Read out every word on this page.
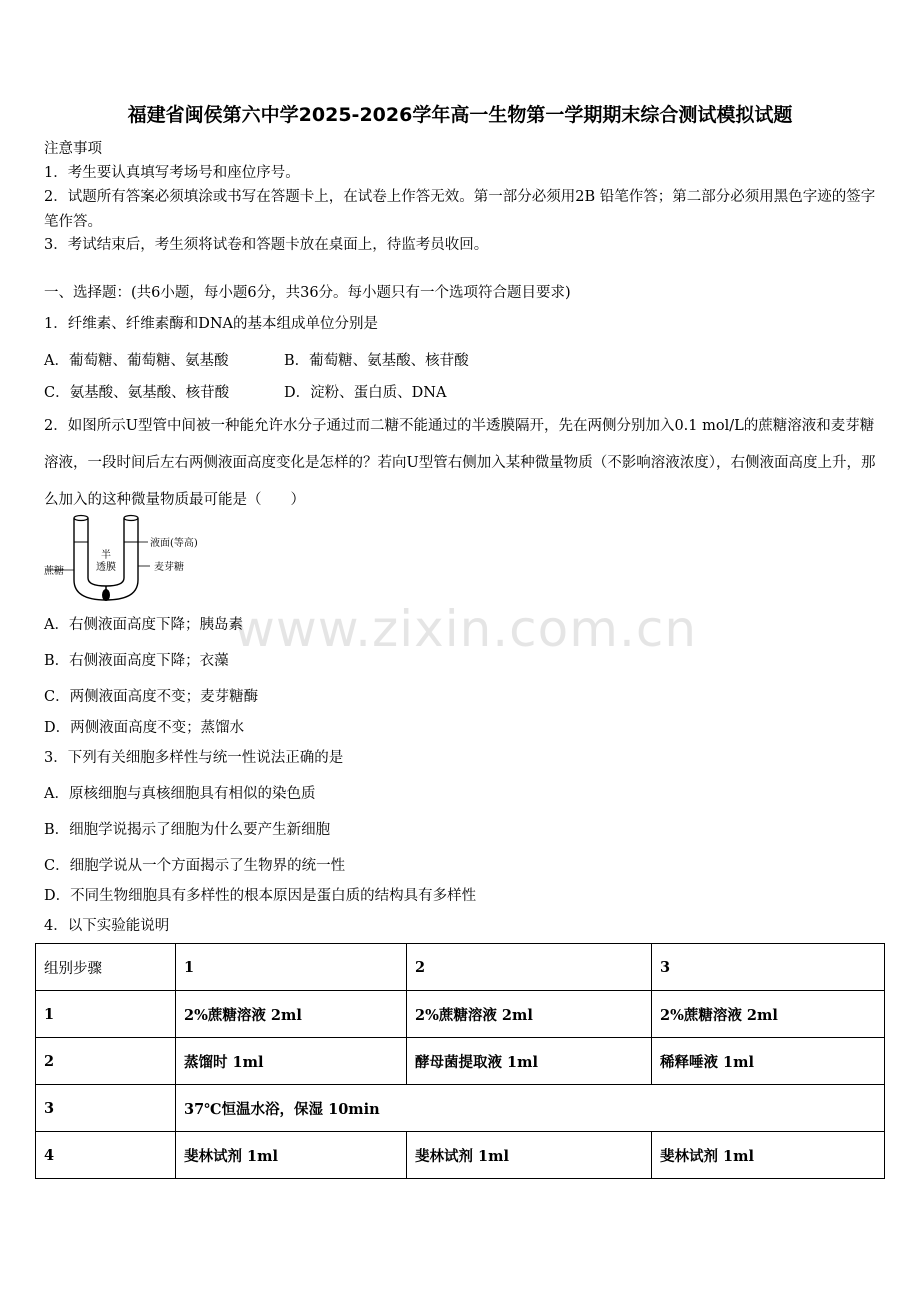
福建省闽侯第六中学2025-2026学年高一生物第一学期期末综合测试模拟试题
注意事项
1．考生要认真填写考场号和座位序号。
2．试题所有答案必须填涂或书写在答题卡上，在试卷上作答无效。第一部分必须用2B 铅笔作答；第二部分必须用黑色字迹的签字笔作答。
3．考试结束后，考生须将试卷和答题卡放在桌面上，待监考员收回。
一、选择题：(共6小题，每小题6分，共36分。每小题只有一个选项符合题目要求)
1．纤维素、纤维素酶和DNA的基本组成单位分别是
A．葡萄糖、葡萄糖、氨基酸	B．葡萄糖、氨基酸、核苷酸
C．氨基酸、氨基酸、核苷酸	D．淀粉、蛋白质、DNA
2．如图所示U型管中间被一种能允许水分子通过而二糖不能通过的半透膜隔开，先在两侧分别加入0.1 mol/L的蔗糖溶液和麦芽糖溶液，一段时间后左右两侧液面高度变化是怎样的？若向U型管右侧加入某种微量物质（不影响溶液浓度），右侧液面高度上升，那么加入的这种微量物质最可能是（　　）
液面(等高)
蔗糖	麦芽糖
半
透膜
A．右侧液面高度下降；胰岛素
B．右侧液面高度下降；衣藻
C．两侧液面高度不变；麦芽糖酶
D．两侧液面高度不变；蒸馏水
3．下列有关细胞多样性与统一性说法正确的是
A．原核细胞与真核细胞具有相似的染色质
B．细胞学说揭示了细胞为什么要产生新细胞
C．细胞学说从一个方面揭示了生物界的统一性
D．不同生物细胞具有多样性的根本原因是蛋白质的结构具有多样性
4．以下实验能说明
www.zixin.com.cn
组别步骤	1	2	3
1	2%蔗糖溶液 2ml	2%蔗糖溶液 2ml	2%蔗糖溶液 2ml
2	蒸馏时 1ml	酵母菌提取液 1ml	稀释唾液 1ml
3	37℃恒温水浴，保湿 10min		
4	斐林试剂 1ml	斐林试剂 1ml	斐林试剂 1ml
